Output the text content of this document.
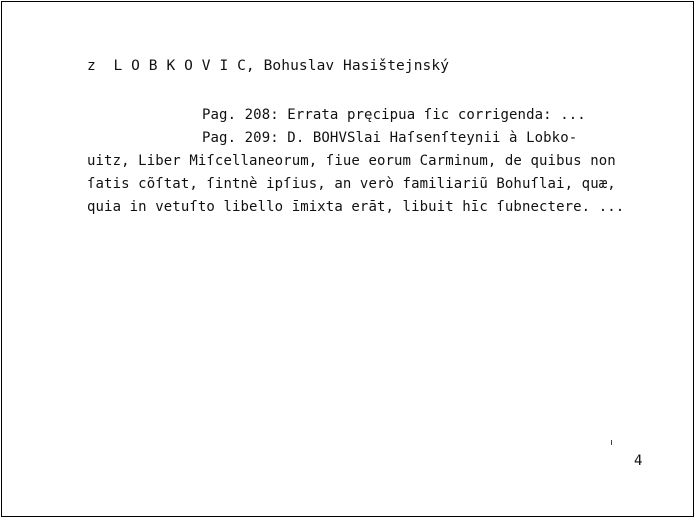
z  L O B K O V I C, Bohuslav Hasištejnský
Pag. 208: Errata pręcipua ſic corrigenda: ...
Pag. 209: D. BOHVSlai Haſsenſteynii à Lobko-
uitz, Liber Miſcellaneorum, ſiue eorum Carminum, de quibus non
ſatis cõſtat, ſintnè ipſius, an verò familiariũ Bohuſlai, quæ,
quia in vetuſto libello īmixta erāt, libuit hīc ſubnectere. ...
4
